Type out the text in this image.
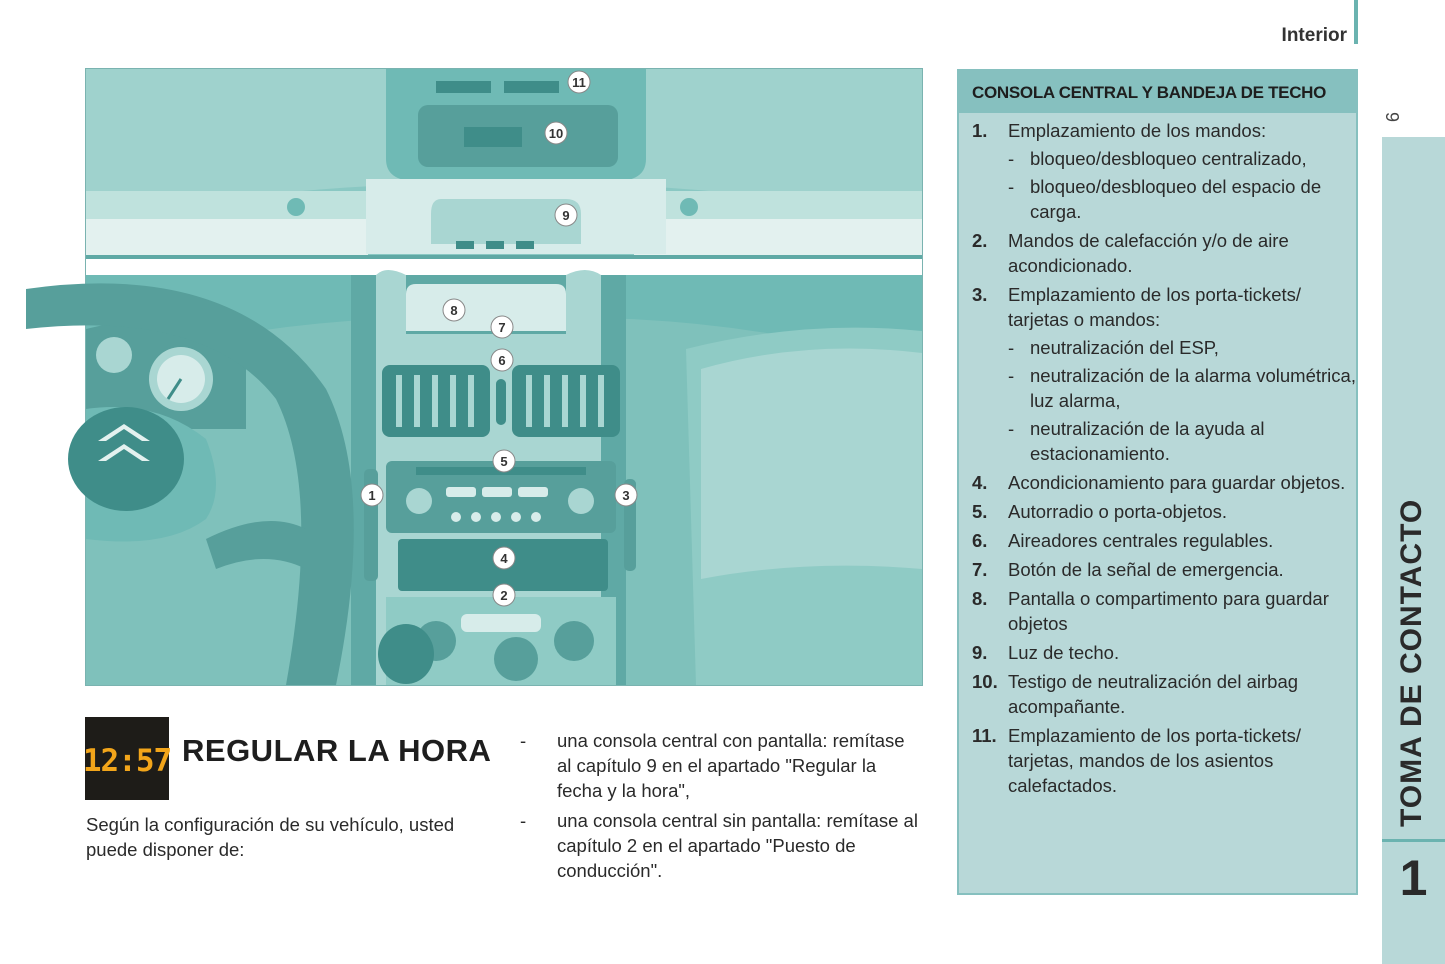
Interior
9
TOMA DE CONTACTO
1
11
10
9
8
7
6
5
1	3
4
2
CONSOLA CENTRAL Y BANDEJA DE TECHO
1. Emplazamiento de los mandos:
- bloqueo/desbloqueo centralizado,
- bloqueo/desbloqueo del espacio de carga.
2. Mandos de calefacción y/o de aire acondicionado.
3. Emplazamiento de los porta-tickets/ tarjetas o mandos:
- neutralización del ESP,
- neutralización de la alarma volumétrica, luz alarma,
- neutralización de la ayuda al estacionamiento.
4. Acondicionamiento para guardar objetos.
5. Autorradio o porta-objetos.
6. Aireadores centrales regulables.
7. Botón de la señal de emergencia.
8. Pantalla o compartimento para guardar objetos
9. Luz de techo.
10. Testigo de neutralización del airbag acompañante.
11. Emplazamiento de los porta-tickets/ tarjetas, mandos de los asientos calefactados.
12:57 REGULAR LA HORA
Según la configuración de su vehículo, usted puede disponer de:
- una consola central con pantalla: remítase al capítulo 9 en el apartado "Regular la fecha y la hora",
- una consola central sin pantalla: remítase al capítulo 2 en el apartado "Puesto de conducción".
